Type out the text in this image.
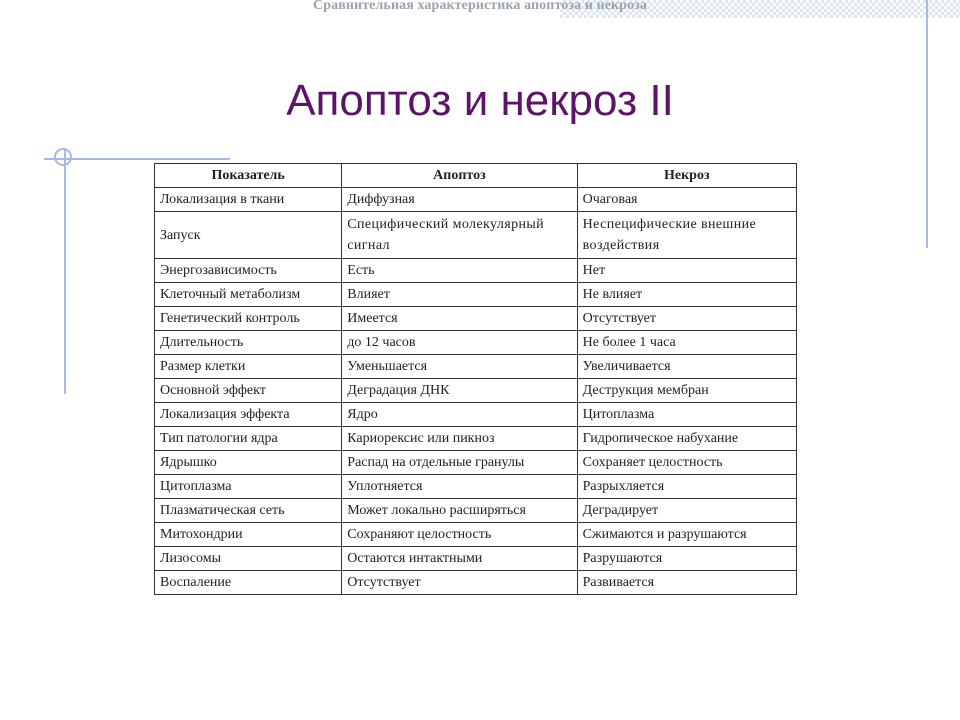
Сравнительная характеристика апоптоза и некроза
Апоптоз и некроз II
Показатель	Апоптоз	Некроз
Локализация в ткани	Диффузная	Очаговая
Запуск	Специфический молекулярный сигнал	Неспецифические внешние воздействия
Энергозависимость	Есть	Нет
Клеточный метаболизм	Влияет	Не влияет
Генетический контроль	Имеется	Отсутствует
Длительность	до 12 часов	Не более 1 часа
Размер клетки	Уменьшается	Увеличивается
Основной эффект	Деградация ДНК	Деструкция мембран
Локализация эффекта	Ядро	Цитоплазма
Тип патологии ядра	Кариорексис или пикноз	Гидропическое набухание
Ядрышко	Распад на отдельные гранулы	Сохраняет целостность
Цитоплазма	Уплотняется	Разрыхляется
Плазматическая сеть	Может локально расширяться	Деградирует
Митохондрии	Сохраняют целостность	Сжимаются и разрушаются
Лизосомы	Остаются интактными	Разрушаются
Воспаление	Отсутствует	Развивается
